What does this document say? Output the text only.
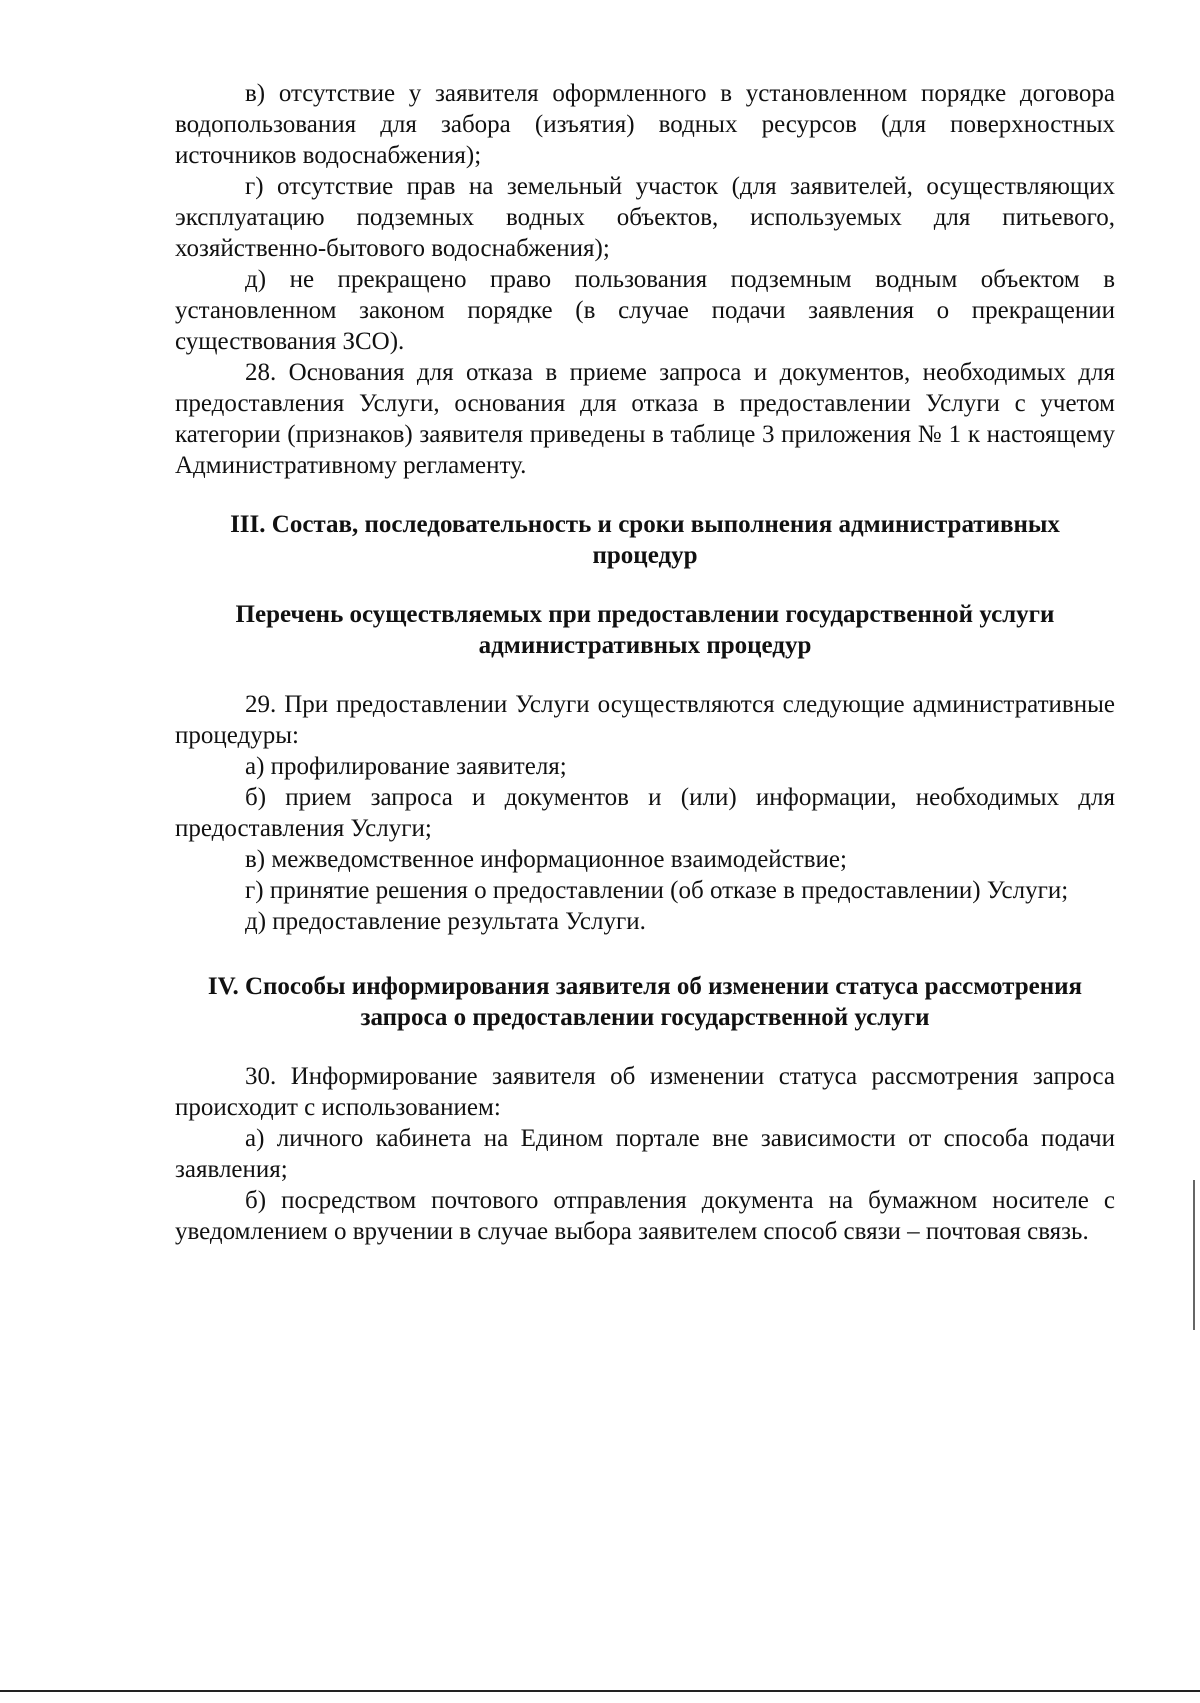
в) отсутствие у заявителя оформленного в установленном порядке договора водопользования для забора (изъятия) водных ресурсов (для поверхностных источников водоснабжения);

г) отсутствие прав на земельный участок (для заявителей, осуществляющих эксплуатацию подземных водных объектов, используемых для питьевого, хозяйственно-бытового водоснабжения);

д) не прекращено право пользования подземным водным объектом в установленном законом порядке (в случае подачи заявления о прекращении существования ЗСО).

28. Основания для отказа в приеме запроса и документов, необходимых для предоставления Услуги, основания для отказа в предоставлении Услуги с учетом категории (признаков) заявителя приведены в таблице 3 приложения № 1 к настоящему Административному регламенту.

III. Состав, последовательность и сроки выполнения административных процедур

Перечень осуществляемых при предоставлении государственной услуги административных процедур

29. При предоставлении Услуги осуществляются следующие административные процедуры:

а) профилирование заявителя;

б) прием запроса и документов и (или) информации, необходимых для предоставления Услуги;

в) межведомственное информационное взаимодействие;

г) принятие решения о предоставлении (об отказе в предоставлении) Услуги;

д) предоставление результата Услуги.

IV. Способы информирования заявителя об изменении статуса рассмотрения запроса о предоставлении государственной услуги

30. Информирование заявителя об изменении статуса рассмотрения запроса происходит с использованием:

а) личного кабинета на Едином портале вне зависимости от способа подачи заявления;

б) посредством почтового отправления документа на бумажном носителе с уведомлением о вручении в случае выбора заявителем способ связи – почтовая связь.
